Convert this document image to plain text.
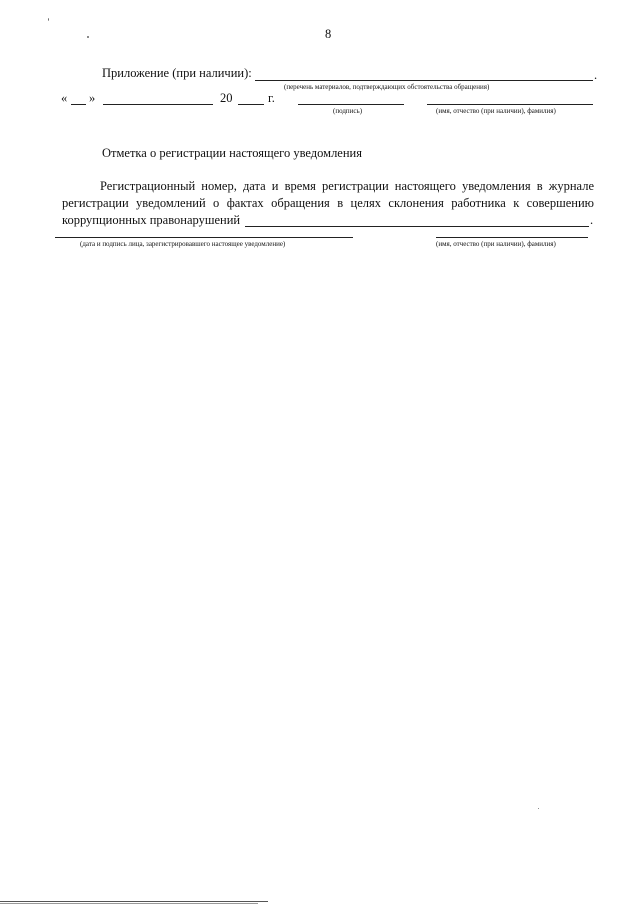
8
Приложение (при наличии):	.
(перечень материалов, подтверждающих обстоятельства обращения)
« »	20	г.
(подпись)	(имя, отчество (при наличии), фамилия)
Отметка о регистрации настоящего уведомления
Регистрационный номер, дата и время регистрации настоящего уведомления в журнале
регистрации уведомлений о фактах обращения в целях склонения работника к совершению
коррупционных правонарушений	.
(дата и подпись лица, зарегистрировавшего настоящее уведомление)	(имя, отчество (при наличии), фамилия)
